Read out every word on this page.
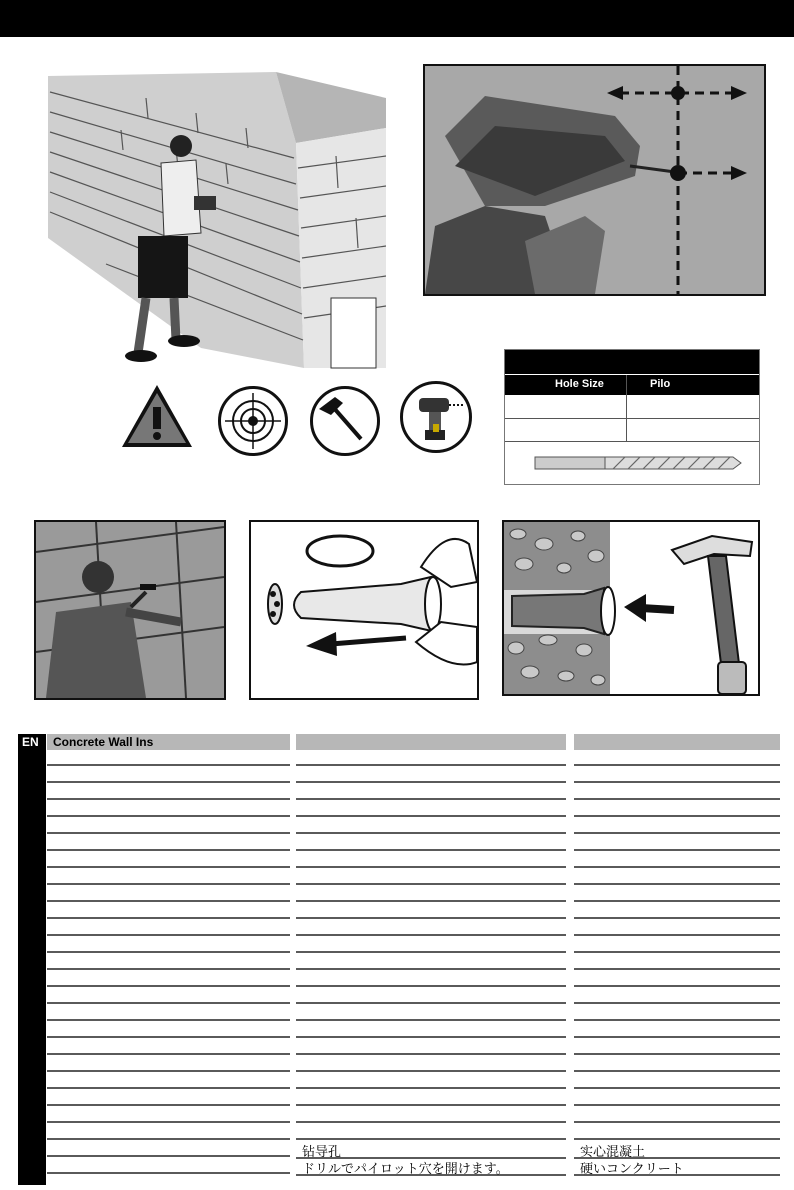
Hole Size	Pilo
EN Concrete Wall Ins
钻导孔
ドリルでパイロット穴を開けます。
实心混凝土
硬いコンクリート
